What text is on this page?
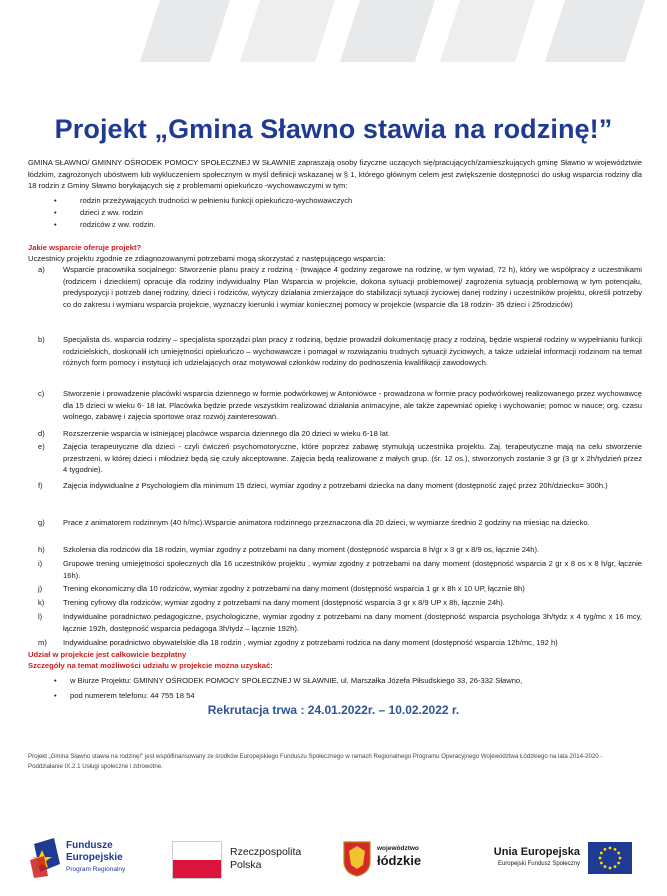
Projekt „Gmina Sławno stawia na rodzinę!”

GMINA SŁAWNO/ GMINNY OŚRODEK POMOCY SPOŁECZNEJ W SŁAWNIE zapraszają osoby fizyczne uczących się/pracujących/zamieszkujących gminę Sławno w województwie łódzkim, zagrożonych ubóstwem lub wykluczeniem społecznym w myśl definicji wskazanej w § 1, którego głównym celem jest zwiększenie dostępności do usług wsparcia rodziny dla 18 rodzin z Gminy Sławno borykających się z problemami opiekuńczo -wychowawczymi w tym:

•	rodzin przeżywających trudności w pełnieniu funkcji opiekuńczo-wychowawczych
•	dzieci z ww. rodzin
•	rodziców z ww. rodzin.
Jakie wsparcie oferuje projekt?
Uczestnicy projektu zgodnie ze zdiagnozowanymi potrzebami mogą skorzystać z następującego wsparcia:
a) Wsparcie pracownika socjalnego: Stworzenie planu pracy z rodziną - (trwające 4 godziny zegarowe na rodzinę, w tym wywiad, 72 h), który we współpracy z uczestnikami (rodzicem i dzieckiem) opracuje dla rodziny indywidualny Plan Wsparcia w projekcie, dokona sytuacji problemowej/ zagrożenia sytuacją problemową w tym potencjału, predyspozycji i potrzeb danej rodziny, dzieci i rodziców, wytyczy działania zmierzające do stabilizacji sytuacji życiowej danej rodziny i uczestników projektu, określi potrzeby co do zakresu i wymiaru wsparcia projekcie, wyznaczy kierunki i wymiar koniecznej pomocy w projekcie (wsparcie dla 18 rodzin- 35 dzieci i 25rodziców)
b) Specjalista ds. wsparcia rodziny – specjalista sporządzi plan pracy z rodziną, będzie prowadził dokumentację pracy z rodziną, będzie wspierał rodziny w wypełnianiu funkcji rodzicielskich, doskonalił ich umiejętności opiekuńczo – wychowawcze i pomagał w rozwiązaniu trudnych sytuacji życiowych, a także udzielał informacji rodzinom na temat różnych form pomocy i instytucji ich udzielających oraz motywował członków rodziny do podnoszenia kwalifikacji zawodowych.
c) Stworzenie i prowadzenie placówki wsparcia dziennego w formie podwórkowej w Antoniówce - prowadzona w formie pracy podwórkowej realizowanego przez wychowawcę dla 15 dzieci w wieku 6- 18 lat. Placówka będzie przede wszystkim realizować działania animacyjne, ale także zapewniać opiekę i wychowanie; pomoc w nauce; org. czasu wolnego, zabawę i zajęcia sportowe oraz rozwój zainteresowań.
d) Rozszerzenie wsparcia w istniejącej placówce wsparcia dziennego dla 20 dzieci w wieku 6-18 lat.
e) Zajęcia terapeutyczne dla dzieci - czyli ćwiczeń psychomotoryczne, które poprzez zabawę stymulują uczestnika projektu. Zaj. terapeutyczne mają na celu stworzenie przestrzeni, w której dzieci i młodzież będą się czuły akceptowane. Zajęcia będą realizowane z małych grup. (śr. 12 os.), stworzonych zostanie 3 gr (3 gr x 2h/tydzień przez 4 tygodnie).
f)	Zajęcia indywidualne z Psychologiem dla minimum 15 dzieci, wymiar zgodny z potrzebami dziecka na dany moment (dostępność zajęć przez 20h/dziecko= 300h.)
g) Prace z animatorem rodzinnym (40 h/mc).Wsparcie animatora rodzinnego przeznaczona dla 20 dzieci, w wymiarze średnio 2 godziny na miesiąc na dziecko.
h) Szkolenia dla rodziców dla 18 rodzin, wymiar zgodny z potrzebami na dany moment (dostępność wsparcia 8 h/gr x 3 gr x 8/9 os, łącznie 24h).
i)	Grupowe trening umiejętności społecznych dla 16 uczestników projektu , wymiar zgodny z potrzebami na dany moment (dostępność wsparcia 2 gr x 8 os x 8 h/gr, łącznie 16h).
j)	Trening ekonomiczny dla 10 rodziców, wymiar zgodny z potrzebami na dany moment (dostępność wsparcia 1 gr x 8h x 10 UP, łącznie 8h)
k) Trening cyfrowy dla rodziców, wymiar zgodny z potrzebami na dany moment (dostępność wsparcia 3 gr x 8/9 UP x 8h, łącznie 24h).
l)	Indywidualne poradnictwo pedagogiczne, psychologiczne, wymiar zgodny z potrzebami na dany moment (dostępność wsparcia psychologa 3h/tydz x 4 tyg/mc x 16 mcy, łącznie 192h, dostępność wsparcia pedagoga 3h/tydz – łącznie 192h).
m) Indywidualne poradnictwo obywatelskie dla 18 rodzin , wymiar zgodny z potrzebami rodzica na dany moment (dostępność wsparcia 12h/mc, 192 h)
Udział w projekcie jest całkowicie bezpłatny
Szczegóły na temat możliwości udziału w projekcie można uzyskać:
• w Biurze Projektu: GMINNY OŚRODEK POMOCY SPOŁECZNEJ W SŁAWNIE, ul. Marszałka Józefa Piłsudskiego 33, 26-332 Sławno,
• pod numerem telefonu: 44 755 18 54
Rekrutacja trwa : 24.01.2022r. – 10.02.2022 r.
Projekt „Gmina Sławno stawia na rodzinę!” jest współfinansowany ze środków Europejskiego Funduszu Społecznego w ramach Regionalnego Programu Operacyjnego Województwa Łódzkiego na lata 2014-2020 -Poddziałanie IX.2.1 Usługi społeczne i zdrowotne.
Fundusze
Europejskie
Program Regionalny
Rzeczpospolita
Polska
województwo
łódzkie
Unia Europejska
Europejski Fundusz Społeczny
